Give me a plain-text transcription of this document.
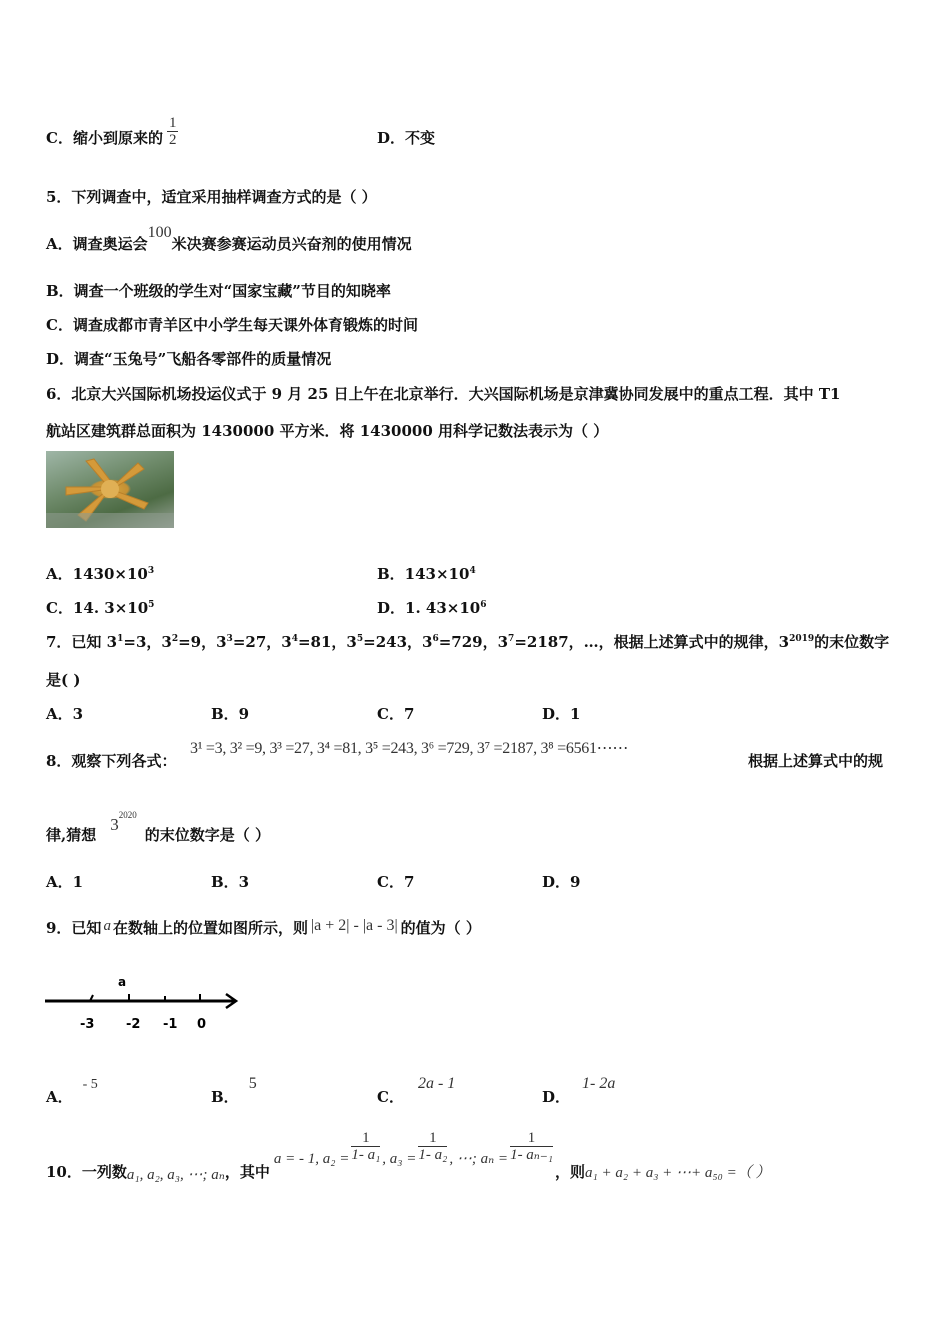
C．缩小到原来的 $\frac{1}{2}$	D．不变
5．下列调查中，适宜采用抽样调查方式的是（ ）
A．调查奥运会100米决赛参赛运动员兴奋剂的使用情况
B．调查一个班级的学生对“国家宝藏”节目的知晓率
C．调查成都市青羊区中小学生每天课外体育锻炼的时间
D．调查“玉兔号”飞船各零部件的质量情况
6．北京大兴国际机场投运仪式于 9 月 25 日上午在北京举行．大兴国际机场是京津冀协同发展中的重点工程．其中 T1
航站区建筑群总面积为 1430000 平方米．将 1430000 用科学记数法表示为（ ）
A．$1430\times 10^3$	B．$143\times 10^4$
C．14. $3\times 10^5$	D．1. $43\times 10^6$
7．已知 $3^1=3$，$3^2=9$，$3^3=27$，$3^4=81$，$3^5=243$，$3^6=729$，$3^7=2187$，…，根据上述算式中的规律，$3^{2019}$的末位数字
是( )
A．3	B．9	C．7	D．1
8．观察下列各式：
3¹ =3, 3² =9, 3³ =27, 3⁴ =81, 3⁵ =243, 3⁶ =729, 3⁷ =2187, 3⁸ =6561⋯⋯
根据上述算式中的规
律,猜想$3^{2020}$的末位数字是（ ）
A．1	B．3	C．7	D．9
9．已知 a 在数轴上的位置如图所示，则 |a + 2| - |a - 3| 的值为（ ）
a
-3 -2 -1 0
A．- 5
B．5
C．2a - 1
D．1- 2a
10．一列数a₁, a₂, a₃, ⋯; aₙ，其中a = - 1, $a_2 = \frac{1}{\text{1- a₁}}$ , $a_3 = \frac{1}{\text{1- a₂}}$ , ⋯; $a_n = \frac{1}{\text{1- aₙ₋₁}}$
，则a₁ + a₂ + a₃ + ⋯+ a₅₀ =（ ）
